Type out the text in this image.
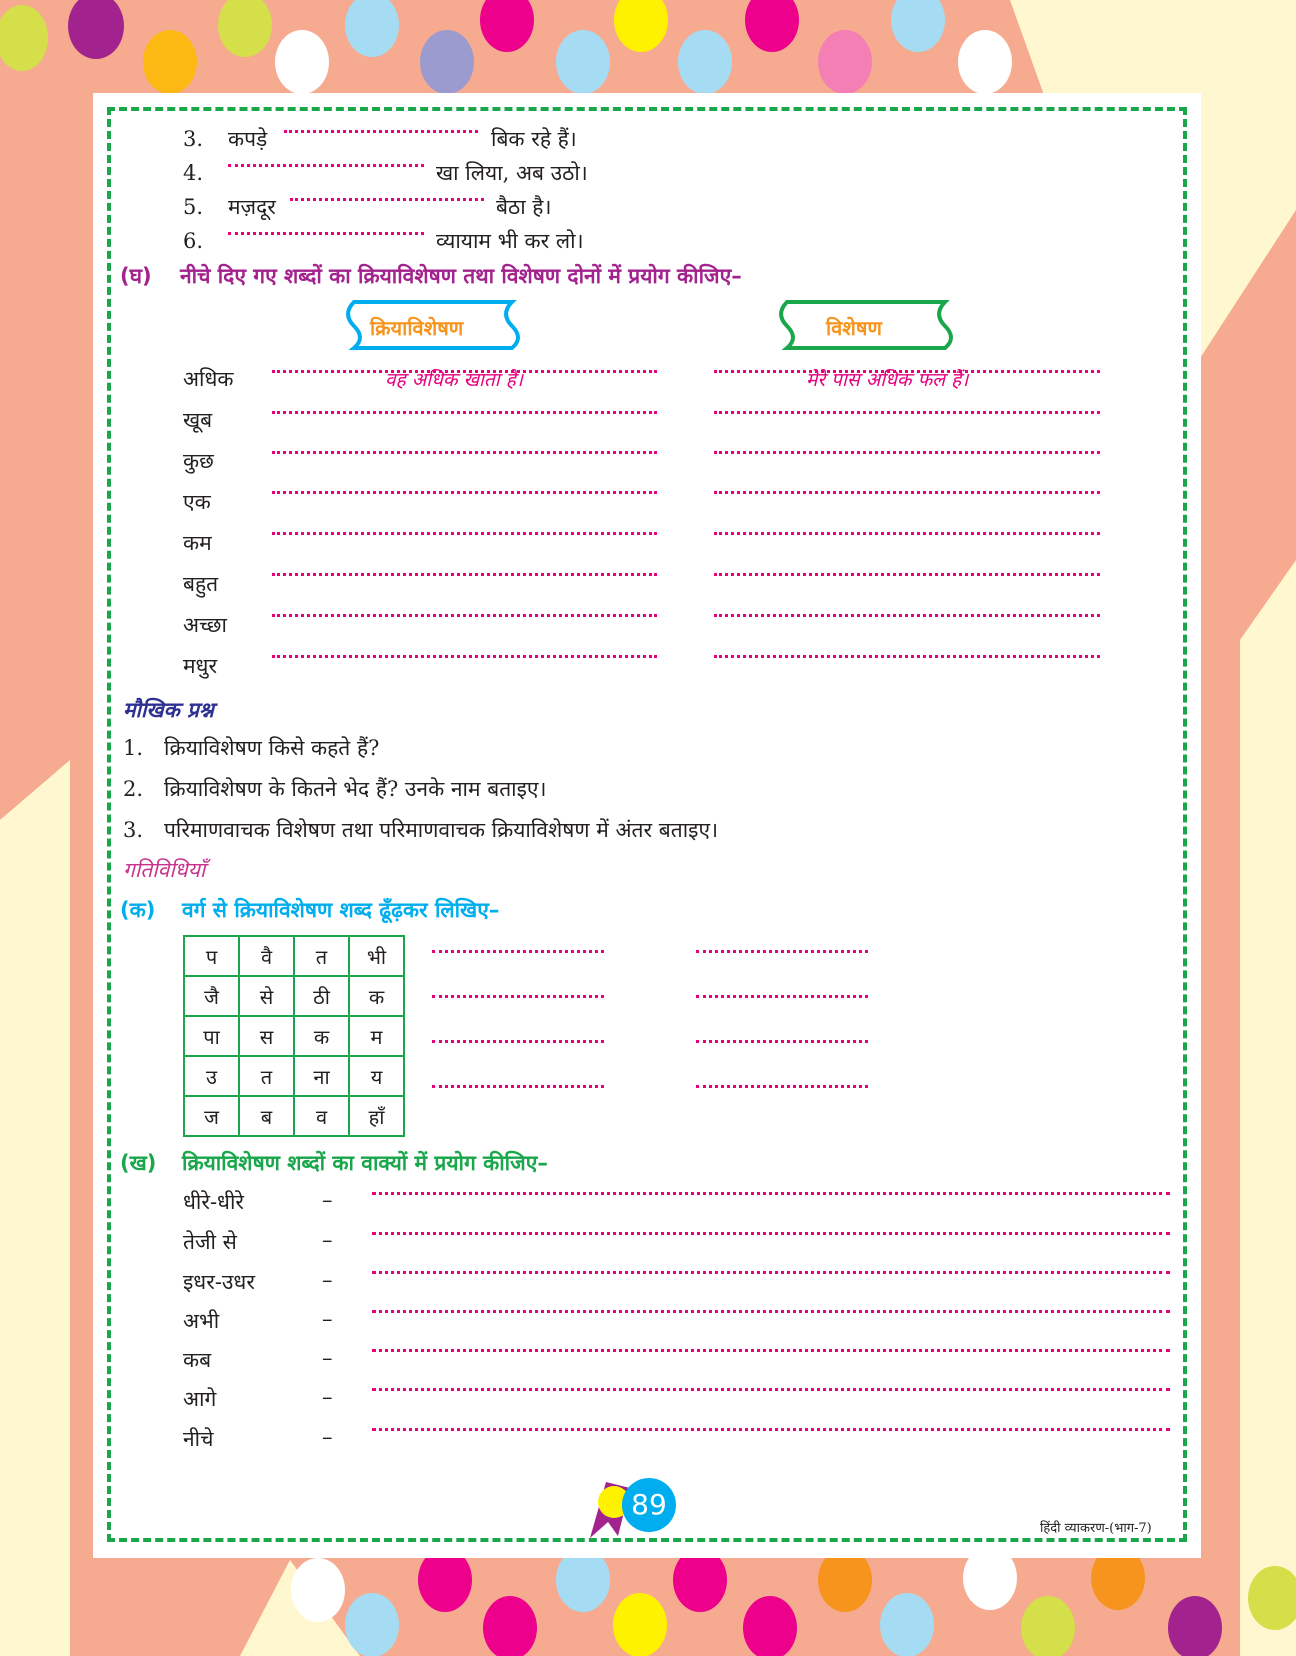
3. कपड़े	बिक रहे हैं।
4.	खा लिया, अब उठो।
5. मज़दूर	बैठा है।
6.	व्यायाम भी कर लो।
(घ) नीचे दिए गए शब्दों का क्रियाविशेषण तथा विशेषण दोनों में प्रयोग कीजिए–
क्रियाविशेषण	विशेषण
अधिक	वह अधिक खाता है।	मेरे पास अधिक फल हैं।
खूब
कुछ
एक
कम
बहुत
अच्छा
मधुर
मौखिक प्रश्न
1. क्रियाविशेषण किसे कहते हैं?
2. क्रियाविशेषण के कितने भेद हैं? उनके नाम बताइए।
3. परिमाणवाचक विशेषण तथा परिमाणवाचक क्रियाविशेषण में अंतर बताइए।
गतिविधियाँ
(क) वर्ग से क्रियाविशेषण शब्द ढूँढ़कर लिखिए–
प	वै	त	भी
जै	से	ठी	क
पा	स	क	म
उ	त	ना	य
ज	ब	व	हाँ
(ख) क्रियाविशेषण शब्दों का वाक्यों में प्रयोग कीजिए–
धीरे-धीरे	–
तेजी से	–
इधर-उधर	–
अभी	–
कब	–
आगे	–
नीचे	–
89
हिंदी व्याकरण-(भाग-7)
